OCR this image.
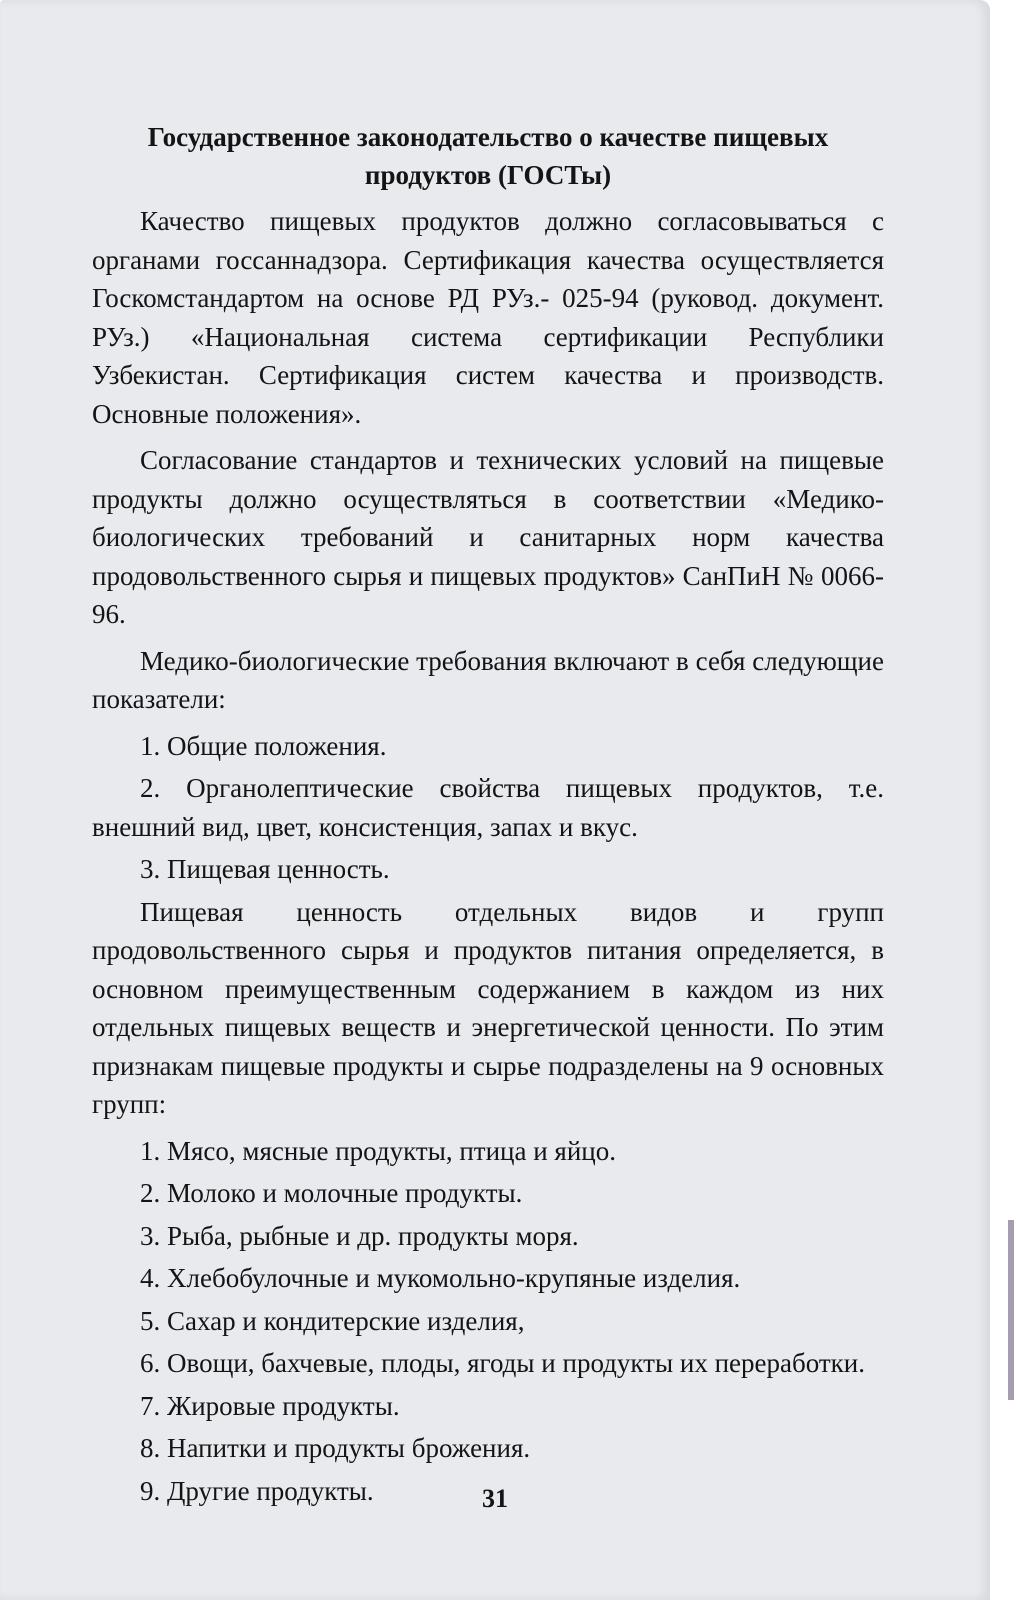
Государственное законодательство о качестве пищевых продуктов (ГОСТы)

Качество пищевых продуктов должно согласовываться с органами госсаннадзора. Сертификация качества осуществляется Госкомстандартом на основе РД РУз.- 025-94 (руковод. документ. РУз.) «Национальная система сертификации Республики Узбекистан. Сертификация систем качества и производств. Основные положения».

Согласование стандартов и технических условий на пищевые продукты должно осуществляться в соответствии «Медико-биологических требований и санитарных норм качества продовольственного сырья и пищевых продуктов» СанПиН № 0066-96.

Медико-биологические требования включают в себя следующие показатели:

1. Общие положения.

2. Органолептические свойства пищевых продуктов, т.е. внешний вид, цвет, консистенция, запах и вкус.

3. Пищевая ценность.

Пищевая ценность отдельных видов и групп продовольственного сырья и продуктов питания определяется, в основном преимущественным содержанием в каждом из них отдельных пищевых веществ и энергетической ценности. По этим признакам пищевые продукты и сырье подразделены на 9 основных групп:

1. Мясо, мясные продукты, птица и яйцо.

2. Молоко и молочные продукты.

3. Рыба, рыбные и др. продукты моря.

4. Хлебобулочные и мукомольно-крупяные изделия.

5. Сахар и кондитерские изделия,

6. Овощи, бахчевые, плоды, ягоды и продукты их переработки.

7. Жировые продукты.

8. Напитки и продукты брожения.

9. Другие продукты.	31
